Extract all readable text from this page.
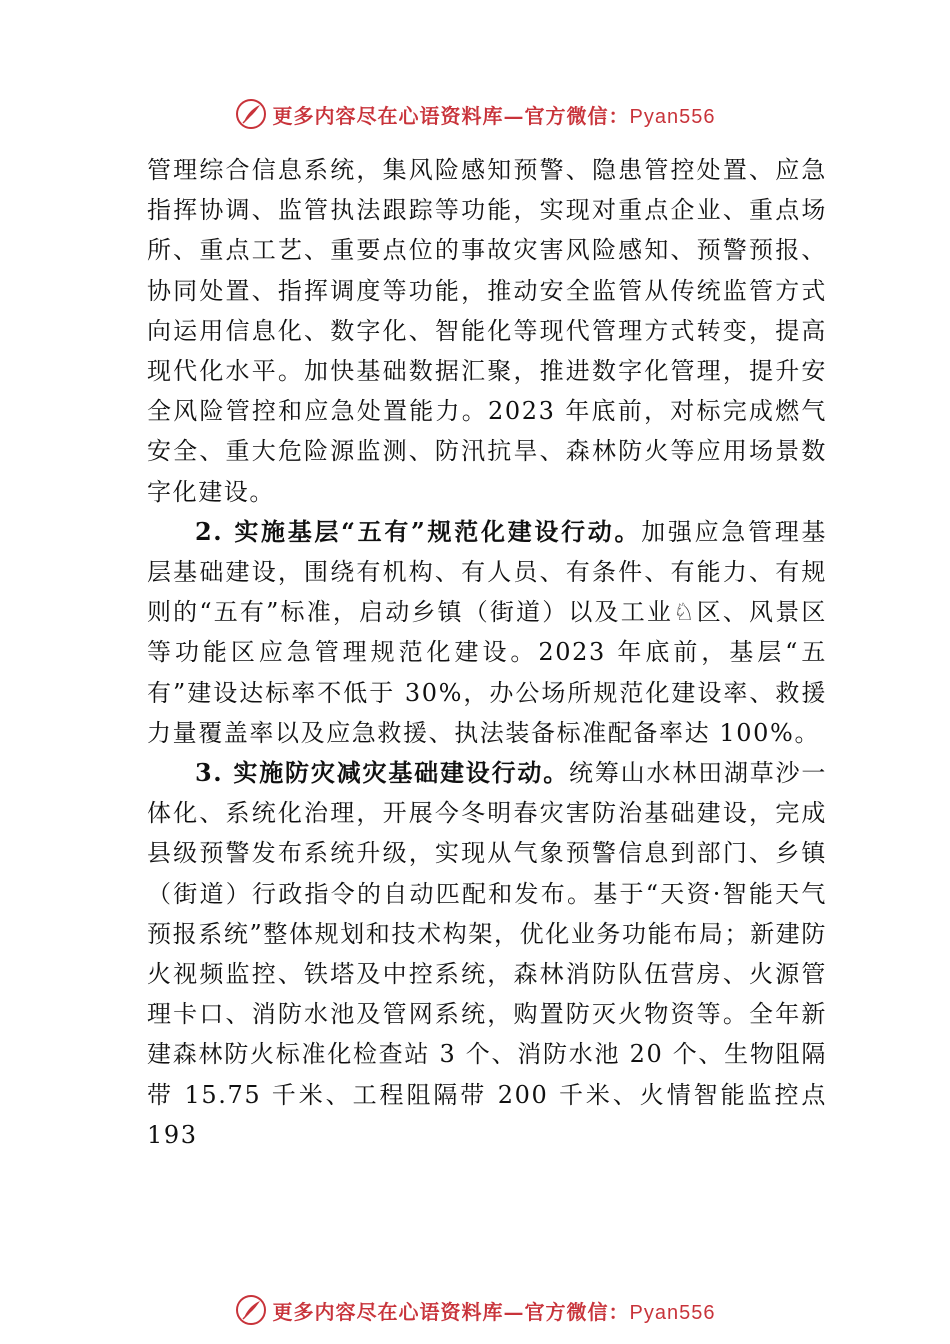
更多内容尽在心语资料库—官方微信：Pyan556

管理综合信息系统，集风险感知预警、隐患管控处置、应急指挥协调、监管执法跟踪等功能，实现对重点企业、重点场所、重点工艺、重要点位的事故灾害风险感知、预警预报、 协同处置、指挥调度等功能，推动安全监管从传统监管方式向运用信息化、数字化、智能化等现代管理方式转变，提高现代化水平。加快基础数据汇聚，推进数字化管理，提升安全风险管控和应急处置能力。2023 年底前，对标完成燃气安全、重大危险源监测、防汛抗旱、森林防火等应用场景数字化建设。

2. 实施基层“五有”规范化建设行动。加强应急管理基层基础建设，围绕有机构、有人员、有条件、有能力、有规则的“五有”标准，启动乡镇（街道）以及工业♘区、风景区等功能区应急管理规范化建设。2023 年底前，基层“五有”建设达标率不低于 30%，办公场所规范化建设率、救援力量覆盖率以及应急救援、执法装备标准配备率达 100%。

3. 实施防灾减灾基础建设行动。统筹山水林田湖草沙一体化、系统化治理，开展今冬明春灾害防治基础建设，完成县级预警发布系统升级，实现从气象预警信息到部门、乡镇（街道）行政指令的自动匹配和发布。基于“天资·智能天气预报系统”整体规划和技术构架，优化业务功能布局；新建防火视频监控、铁塔及中控系统，森林消防队伍营房、火源管理卡口、消防水池及管网系统，购置防灭火物资等。全年新 建森林防火标准化检查站 3 个、消防水池 20 个、生物阻隔带 15.75 千米、工程阻隔带 200 千米、火情智能监控点 193

更多内容尽在心语资料库—官方微信：Pyan556
